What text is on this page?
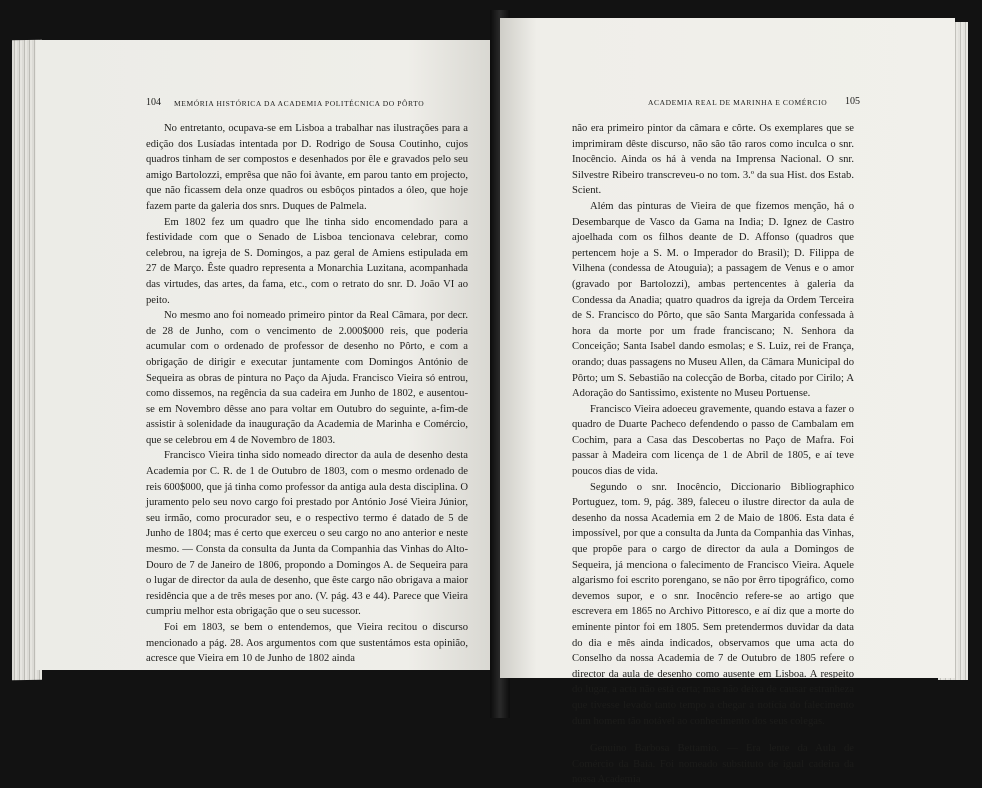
104 MEMÓRIA HISTÓRICA DA ACADEMIA POLITÉCNICA DO PÔRTO

No entretanto, ocupava-se em Lisboa a trabalhar nas ilustrações para a edição dos Lusíadas intentada por D. Rodrigo de Sousa Coutinho, cujos quadros tinham de ser compostos e desenhados por êle e gravados pelo seu amigo Bartolozzi, emprêsa que não foi àvante, em parou tanto em projecto, que não ficassem dela onze quadros ou esbôços pintados a óleo, que hoje fazem parte da galeria dos snrs. Duques de Palmela.

Em 1802 fez um quadro que lhe tinha sido encomendado para a festividade com que o Senado de Lisboa tencionava celebrar, como celebrou, na igreja de S. Domingos, a paz geral de Amiens estipulada em 27 de Março. Êste quadro representa a Monarchia Luzitana, acompanhada das virtudes, das artes, da fama, etc., com o retrato do snr. D. João VI ao peito.

No mesmo ano foi nomeado primeiro pintor da Real Câmara, por decr. de 28 de Junho, com o vencimento de 2.000$000 reis, que poderia acumular com o ordenado de professor de desenho no Pôrto, e com a obrigação de dirigir e executar juntamente com Domingos António de Sequeira as obras de pintura no Paço da Ajuda. Francisco Vieira só entrou, como dissemos, na regência da sua cadeira em Junho de 1802, e ausentou-se em Novembro dêsse ano para voltar em Outubro do seguinte, a-fim-de assistir à solenidade da inauguração da Academia de Marinha e Comércio, que se celebrou em 4 de Novembro de 1803.

Francisco Vieira tinha sido nomeado director da aula de desenho desta Academia por C. R. de 1 de Outubro de 1803, com o mesmo ordenado de reis 600$000, que já tinha como professor da antiga aula desta disciplina. O juramento pelo seu novo cargo foi prestado por António José Vieira Júnior, seu irmão, como procurador seu, e o respectivo termo é datado de 5 de Junho de 1804; mas é certo que exerceu o seu cargo no ano anterior e neste mesmo. — Consta da consulta da Junta da Companhia das Vinhas do Alto-Douro de 7 de Janeiro de 1806, propondo a Domingos A. de Sequeira para o lugar de director da aula de desenho, que êste cargo não obrigava a maior residência que a de três meses por ano. (V. pág. 43 e 44). Parece que Vieira cumpriu melhor esta obrigação que o seu sucessor.

Foi em 1803, se bem o entendemos, que Vieira recitou o discurso mencionado a pág. 28. Aos argumentos com que sustentámos esta opinião, acresce que Vieira em 10 de Junho de 1802 ainda

ACADEMIA REAL DE MARINHA E COMÉRCIO 105

não era primeiro pintor da câmara e côrte. Os exemplares que se imprimiram dêste discurso, não são tão raros como inculca o snr. Inocêncio. Ainda os há à venda na Imprensa Nacional. O snr. Silvestre Ribeiro transcreveu-o no tom. 3.º da sua Hist. dos Estab. Scient.

Além das pinturas de Vieira de que fizemos menção, há o Desembarque de Vasco da Gama na India; D. Ignez de Castro ajoelhada com os filhos deante de D. Affonso (quadros que pertencem hoje a S. M. o Imperador do Brasil); D. Filippa de Vilhena (condessa de Atouguia); a passagem de Venus e o amor (gravado por Bartolozzi), ambas pertencentes à galeria da Condessa da Anadia; quatro quadros da igreja da Ordem Terceira de S. Francisco do Pôrto, que são Santa Margarida confessada à hora da morte por um frade franciscano; N. Senhora da Conceição; Santa Isabel dando esmolas; e S. Luiz, rei de França, orando; duas passagens no Museu Allen, da Câmara Municipal do Pôrto; um S. Sebastião na colecção de Borba, citado por Cirilo; A Adoração do Santissimo, existente no Museu Portuense.

Francisco Vieira adoeceu gravemente, quando estava a fazer o quadro de Duarte Pacheco defendendo o passo de Cambalam em Cochim, para a Casa das Descobertas no Paço de Mafra. Foi passar à Madeira com licença de 1 de Abril de 1805, e aí teve poucos dias de vida.

Segundo o snr. Inocêncio, Diccionario Bibliographico Portuguez, tom. 9, pág. 389, faleceu o ilustre director da aula de desenho da nossa Academia em 2 de Maio de 1806. Esta data é impossível, por que a consulta da Junta da Companhia das Vinhas, que propõe para o cargo de director da aula a Domingos de Sequeira, já menciona o falecimento de Francisco Vieira. Aquele algarismo foi escrito porengano, se não por êrro tipográfico, como devemos supor, e o snr. Inocêncio refere-se ao artigo que escrevera em 1865 no Archivo Pittoresco, e aí diz que a morte do eminente pintor foi em 1805. Sem pretendermos duvidar da data do dia e mês ainda indicados, observamos que uma acta do Conselho da nossa Academia de 7 de Outubro de 1805 refere o director da aula de desenho como ausente em Lisboa. A respeito do lugar, a acta não está certa; mas não deixa de causar estranheza que tivesse levado tanto tempo a chegar a notícia do falecimento dum homem tão notável ao conhecimento dos seus colegas.

Genuíno Barbosa Bettamio. — Era lente da Aula de Comércio da Baía. Foi nomeado substituto de igual cadeira da nossa Academia
